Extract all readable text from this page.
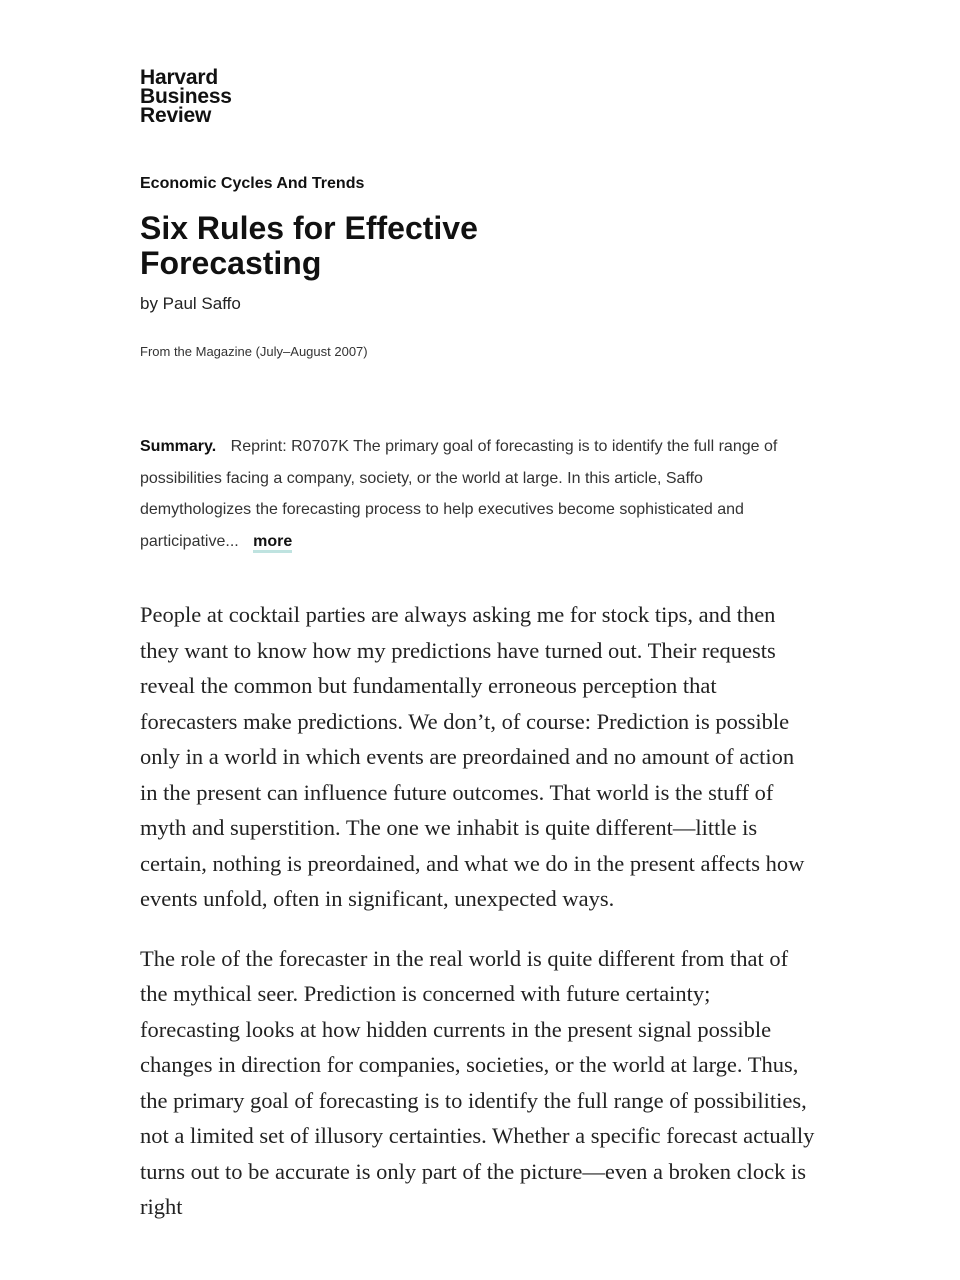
Harvard
Business
Review
Economic Cycles And Trends
Six Rules for Effective Forecasting
by Paul Saffo
From the Magazine (July–August 2007)
Summary. Reprint: R0707K The primary goal of forecasting is to identify the full range of possibilities facing a company, society, or the world at large. In this article, Saffo demythologizes the forecasting process to help executives become sophisticated and participative... more

People at cocktail parties are always asking me for stock tips, and then they want to know how my predictions have turned out. Their requests reveal the common but fundamentally erroneous perception that forecasters make predictions. We don’t, of course: Prediction is possible only in a world in which events are preordained and no amount of action in the present can influence future outcomes. That world is the stuff of myth and superstition. The one we inhabit is quite different—little is certain, nothing is preordained, and what we do in the present affects how events unfold, often in significant, unexpected ways.

The role of the forecaster in the real world is quite different from that of the mythical seer. Prediction is concerned with future certainty; forecasting looks at how hidden currents in the present signal possible changes in direction for companies, societies, or the world at large. Thus, the primary goal of forecasting is to identify the full range of possibilities, not a limited set of illusory certainties. Whether a specific forecast actually turns out to be accurate is only part of the picture—even a broken clock is right
